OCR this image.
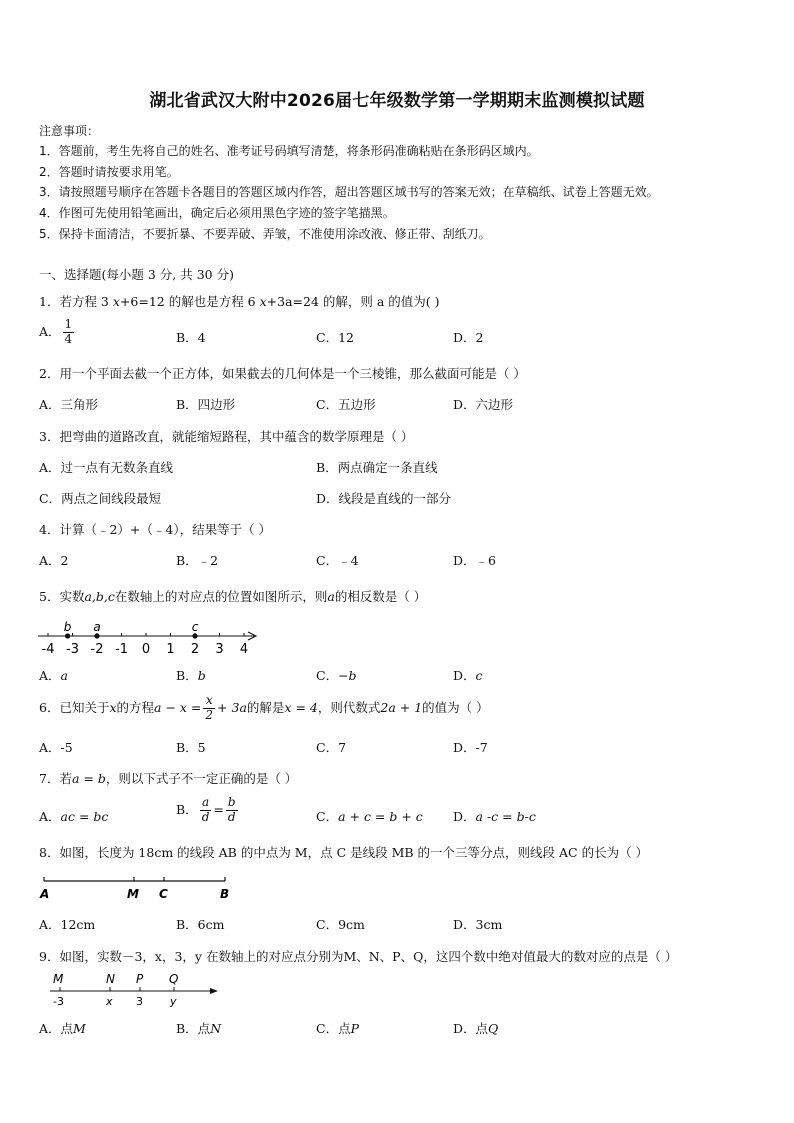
湖北省武汉大附中2026届七年级数学第一学期期末监测模拟试题
注意事项：
1．答题前，考生先将自己的姓名、准考证号码填写清楚，将条形码准确粘贴在条形码区域内。
2．答题时请按要求用笔。
3．请按照题号顺序在答题卡各题目的答题区域内作答，超出答题区域书写的答案无效；在草稿纸、试卷上答题无效。
4．作图可先使用铅笔画出，确定后必须用黑色字迹的签字笔描黑。
5．保持卡面清洁，不要折暴、不要弄破、弄皱，不准使用涂改液、修正带、刮纸刀。
一、选择题(每小题 3 分, 共 30 分)
1．若方程 3 x+6=12 的解也是方程 6 x+3a=24 的解，则 a 的值为( )
A． $\frac{1}{4}$	B．4	C．12	D．2
2．用一个平面去截一个正方体，如果截去的几何体是一个三棱锥，那么截面可能是（ ）
A．三角形	B．四边形	C．五边形	D．六边形
3．把弯曲的道路改直，就能缩短路程，其中蕴含的数学原理是（ ）
A．过一点有无数条直线	B．两点确定一条直线
C．两点之间线段最短	D．线段是直线的一部分
4．计算（﹣2）+（﹣4），结果等于（ ）
A．2	B．﹣2	C．﹣4	D．﹣6
5．实数a,b,c在数轴上的对应点的位置如图所示，则a的相反数是（ ）
-4 -3 -2 -1 0 1 2 3 4
b a	c
A．a	B．b	C．−b	D．c
6．已知关于x的方程$a - x = \frac{x}{2} + 3a$的解是x = 4，则代数式2a + 1的值为（ ）
A．-5	B．5	C．7	D．-7
7．若a = b，则以下式子不一定正确的是（ ）
A．ac = bc	B． $\frac{a}{d} = \frac{b}{d}$	C．a + c = b + c D．a -c = b-c
8．如图，长度为 18cm 的线段 AB 的中点为 M，点 C 是线段 MB 的一个三等分点，则线段 AC 的长为（ ）
A	M C	B
A．12cm	B．6cm	C．9cm	D．3cm
9．如图，实数－3，x，3，y 在数轴上的对应点分别为M、N、P、Q，这四个数中绝对值最大的数对应的点是（ ）
M	N P Q
-3	x 3 y
A．点M	B．点N	C．点P	D．点Q
